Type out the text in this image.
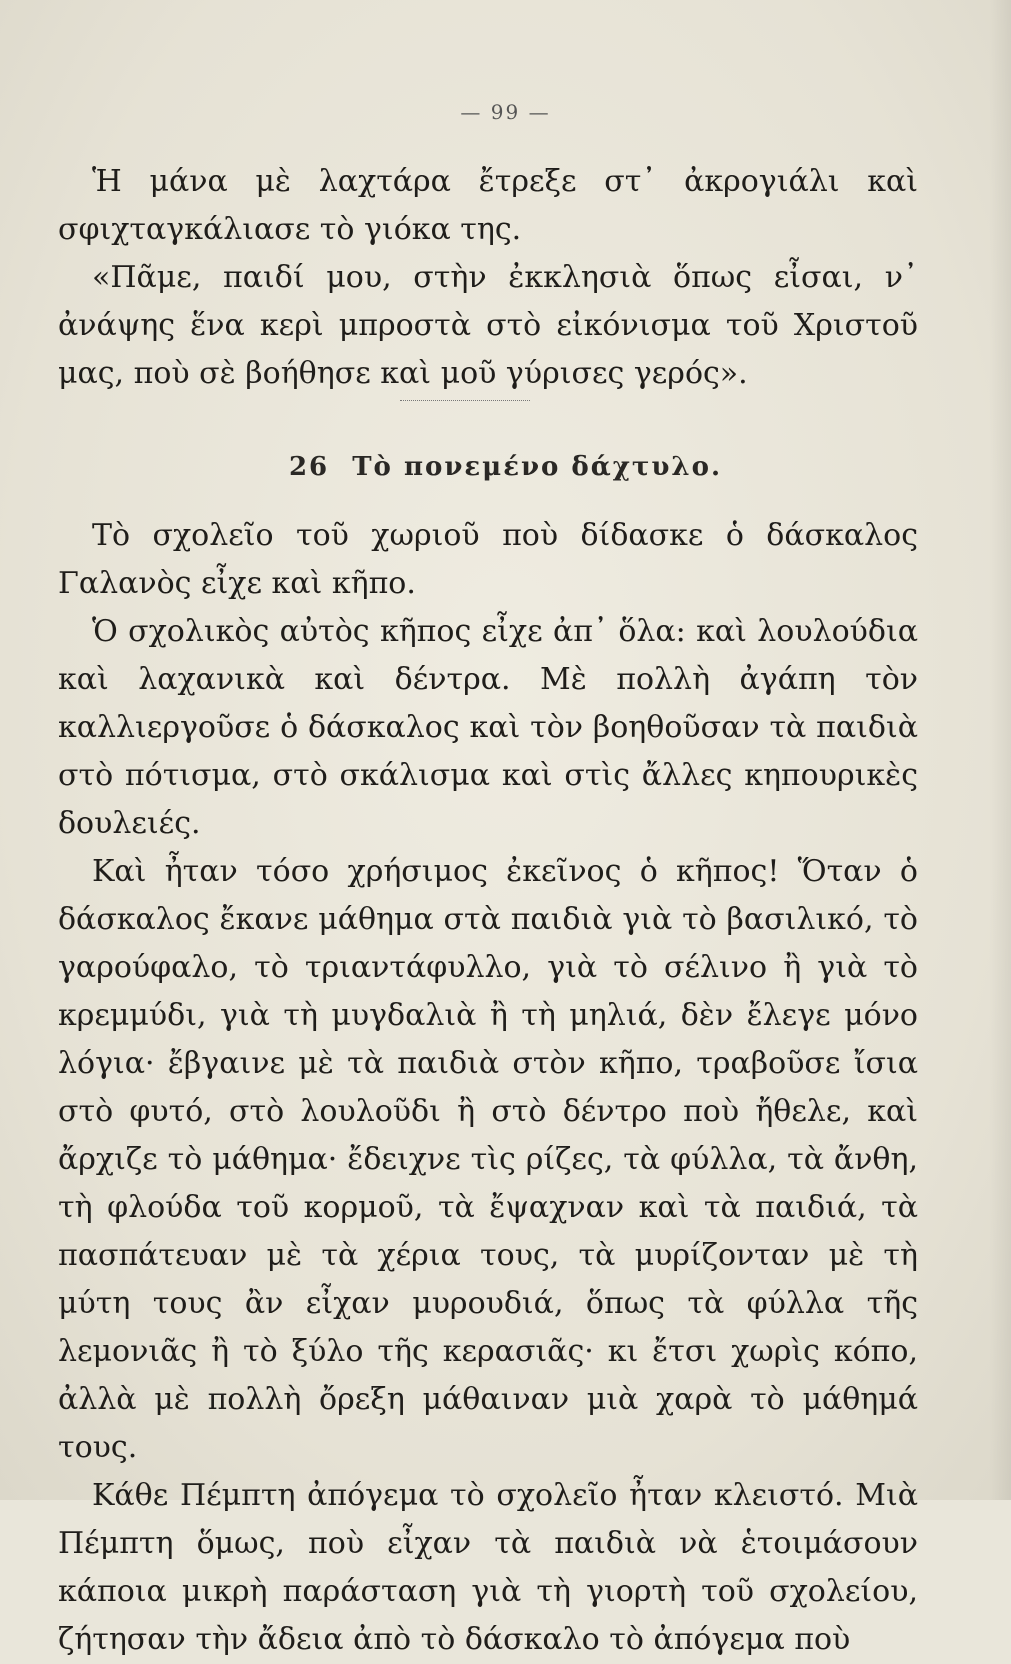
— 99 —

Ἡ μάνα μὲ λαχτάρα ἔτρεξε στ᾽ ἀκρογιάλι καὶ σφιχταγκάλιασε τὸ γιόκα της.

«Πᾶμε, παιδί μου, στὴν ἐκκλησιὰ ὅπως εἶσαι, ν᾽ ἀνάψης ἕνα κερὶ μπροστὰ στὸ εἰκόνισμα τοῦ Χριστοῦ μας, ποὺ σὲ βοήθησε καὶ μοῦ γύρισες γερός».

26 Τὸ πονεμένο δάχτυλο.

Τὸ σχολεῖο τοῦ χωριοῦ ποὺ δίδασκε ὁ δάσκαλος Γαλανὸς εἶχε καὶ κῆπο.

Ὁ σχολικὸς αὐτὸς κῆπος εἶχε ἀπ᾽ ὅλα: καὶ λουλούδια καὶ λαχανικὰ καὶ δέντρα. Μὲ πολλὴ ἀγάπη τὸν καλλιεργοῦσε ὁ δάσκαλος καὶ τὸν βοηθοῦσαν τὰ παιδιὰ στὸ πότισμα, στὸ σκάλισμα καὶ στὶς ἄλλες κηπουρικὲς δουλειές.

Καὶ ἦταν τόσο χρήσιμος ἐκεῖνος ὁ κῆπος! Ὅταν ὁ δάσκαλος ἔκανε μάθημα στὰ παιδιὰ γιὰ τὸ βασιλικό, τὸ γαρούφαλο, τὸ τριαντάφυλλο, γιὰ τὸ σέλινο ἢ γιὰ τὸ κρεμμύδι, γιὰ τὴ μυγδαλιὰ ἢ τὴ μηλιά, δὲν ἔλεγε μόνο λόγια· ἔβγαινε μὲ τὰ παιδιὰ στὸν κῆπο, τραβοῦσε ἴσια στὸ φυτό, στὸ λουλοῦδι ἢ στὸ δέντρο ποὺ ἤθελε, καὶ ἄρχιζε τὸ μάθημα· ἔδειχνε τὶς ρίζες, τὰ φύλλα, τὰ ἄνθη, τὴ φλούδα τοῦ κορμοῦ, τὰ ἔψαχναν καὶ τὰ παιδιά, τὰ πασπάτευαν μὲ τὰ χέρια τους, τὰ μυρίζονταν μὲ τὴ μύτη τους ἂν εἶχαν μυρουδιά, ὅπως τὰ φύλλα τῆς λεμονιᾶς ἢ τὸ ξύλο τῆς κερασιᾶς· κι ἔτσι χωρὶς κόπο, ἀλλὰ μὲ πολλὴ ὄρεξη μάθαιναν μιὰ χαρὰ τὸ μάθημά τους.

Κάθε Πέμπτη ἀπόγεμα τὸ σχολεῖο ἦταν κλειστό. Μιὰ Πέμπτη ὅμως, ποὺ εἶχαν τὰ παιδιὰ νὰ ἑτοιμάσουν κάποια μικρὴ παράσταση γιὰ τὴ γιορτὴ τοῦ σχολείου, ζήτησαν τὴν ἄδεια ἀπὸ τὸ δάσκαλο τὸ ἀπόγεμα ποὺ
